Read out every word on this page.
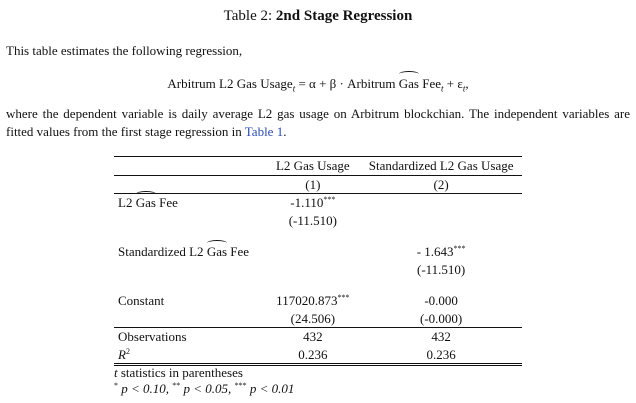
Table 2: 2nd Stage Regression
This table estimates the following regression,
Arbitrum L2 Gas Usage$_t$ = α + β · Arbitrum Gas $Fee_t + \varepsilon_t$,
where the dependent variable is daily average L2 gas usage on Arbitrum blockchian. The independent variables are fitted values from the first stage regression in Table 1.
	L2 Gas Usage	Standardized L2 Gas Usage
	(1)	(2)
L2 Gas Fee	-1.110***	
	(-11.510)	

Standardized L2 Gas Fee		- 1.643***
		(-11.510)

Constant	117020.873***	-0.000
	(24.506)	(-0.000)
Observations	432	432
$R^2$	0.236	0.236

t statistics in parentheses
* p < 0.10, ** p < 0.05, *** p < 0.01
